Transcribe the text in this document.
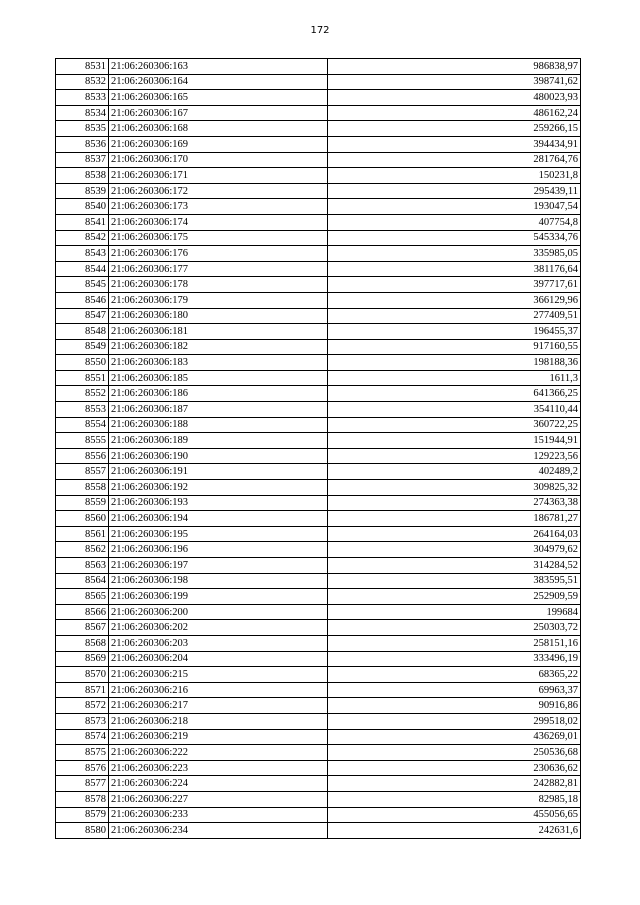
172
8531	21:06:260306:163	986838,97
8532	21:06:260306:164	398741,62
8533	21:06:260306:165	480023,93
8534	21:06:260306:167	486162,24
8535	21:06:260306:168	259266,15
8536	21:06:260306:169	394434,91
8537	21:06:260306:170	281764,76
8538	21:06:260306:171	150231,8
8539	21:06:260306:172	295439,11
8540	21:06:260306:173	193047,54
8541	21:06:260306:174	407754,8
8542	21:06:260306:175	545334,76
8543	21:06:260306:176	335985,05
8544	21:06:260306:177	381176,64
8545	21:06:260306:178	397717,61
8546	21:06:260306:179	366129,96
8547	21:06:260306:180	277409,51
8548	21:06:260306:181	196455,37
8549	21:06:260306:182	917160,55
8550	21:06:260306:183	198188,36
8551	21:06:260306:185	1611,3
8552	21:06:260306:186	641366,25
8553	21:06:260306:187	354110,44
8554	21:06:260306:188	360722,25
8555	21:06:260306:189	151944,91
8556	21:06:260306:190	129223,56
8557	21:06:260306:191	402489,2
8558	21:06:260306:192	309825,32
8559	21:06:260306:193	274363,38
8560	21:06:260306:194	186781,27
8561	21:06:260306:195	264164,03
8562	21:06:260306:196	304979,62
8563	21:06:260306:197	314284,52
8564	21:06:260306:198	383595,51
8565	21:06:260306:199	252909,59
8566	21:06:260306:200	199684
8567	21:06:260306:202	250303,72
8568	21:06:260306:203	258151,16
8569	21:06:260306:204	333496,19
8570	21:06:260306:215	68365,22
8571	21:06:260306:216	69963,37
8572	21:06:260306:217	90916,86
8573	21:06:260306:218	299518,02
8574	21:06:260306:219	436269,01
8575	21:06:260306:222	250536,68
8576	21:06:260306:223	230636,62
8577	21:06:260306:224	242882,81
8578	21:06:260306:227	82985,18
8579	21:06:260306:233	455056,65
8580	21:06:260306:234	242631,6
